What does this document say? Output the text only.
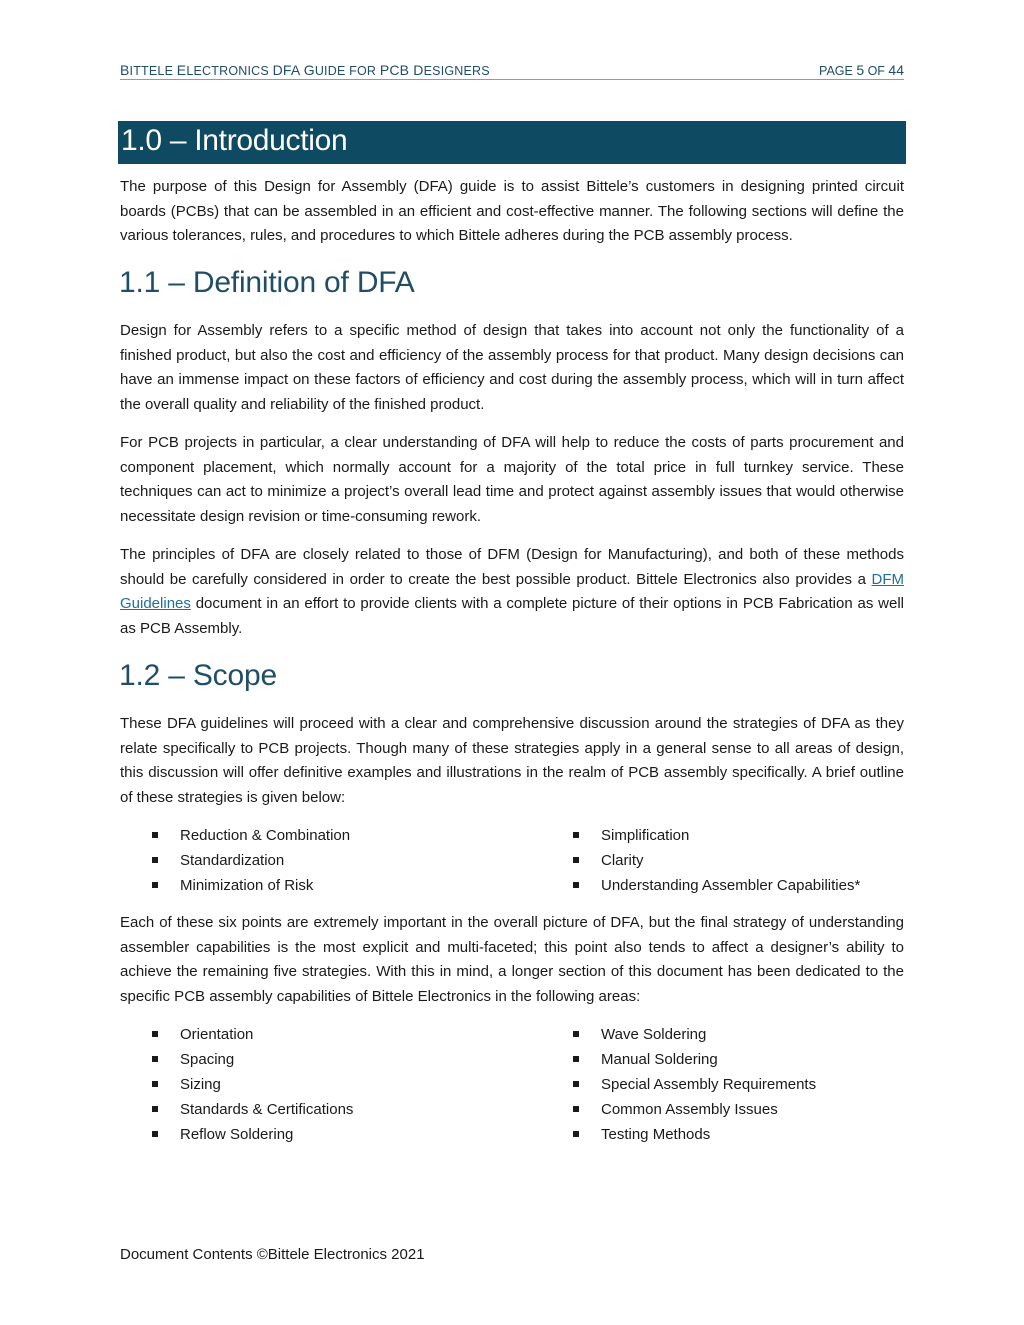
BITTELE ELECTRONICS DFA GUIDE FOR PCB DESIGNERS	PAGE 5 OF 44
1.0 – Introduction

The purpose of this Design for Assembly (DFA) guide is to assist Bittele’s customers in designing printed circuit boards (PCBs) that can be assembled in an efficient and cost-effective manner. The following sections will define the various tolerances, rules, and procedures to which Bittele adheres during the PCB assembly process.

1.1 – Definition of DFA

Design for Assembly refers to a specific method of design that takes into account not only the functionality of a finished product, but also the cost and efficiency of the assembly process for that product. Many design decisions can have an immense impact on these factors of efficiency and cost during the assembly process, which will in turn affect the overall quality and reliability of the finished product.

For PCB projects in particular, a clear understanding of DFA will help to reduce the costs of parts procurement and component placement, which normally account for a majority of the total price in full turnkey service. These techniques can act to minimize a project’s overall lead time and protect against assembly issues that would otherwise necessitate design revision or time-consuming rework.

The principles of DFA are closely related to those of DFM (Design for Manufacturing), and both of these methods should be carefully considered in order to create the best possible product. Bittele Electronics also provides a DFM Guidelines document in an effort to provide clients with a complete picture of their options in PCB Fabrication as well as PCB Assembly.

1.2 – Scope

These DFA guidelines will proceed with a clear and comprehensive discussion around the strategies of DFA as they relate specifically to PCB projects. Though many of these strategies apply in a general sense to all areas of design, this discussion will offer definitive examples and illustrations in the realm of PCB assembly specifically. A brief outline of these strategies is given below:

Reduction & Combination
Standardization
Minimization of Risk
Simplification
Clarity
Understanding Assembler Capabilities*

Each of these six points are extremely important in the overall picture of DFA, but the final strategy of understanding assembler capabilities is the most explicit and multi-faceted; this point also tends to affect a designer’s ability to achieve the remaining five strategies. With this in mind, a longer section of this document has been dedicated to the specific PCB assembly capabilities of Bittele Electronics in the following areas:

Orientation
Spacing
Sizing
Standards & Certifications
Reflow Soldering
Wave Soldering
Manual Soldering
Special Assembly Requirements
Common Assembly Issues
Testing Methods
Document Contents ©Bittele Electronics 2021
